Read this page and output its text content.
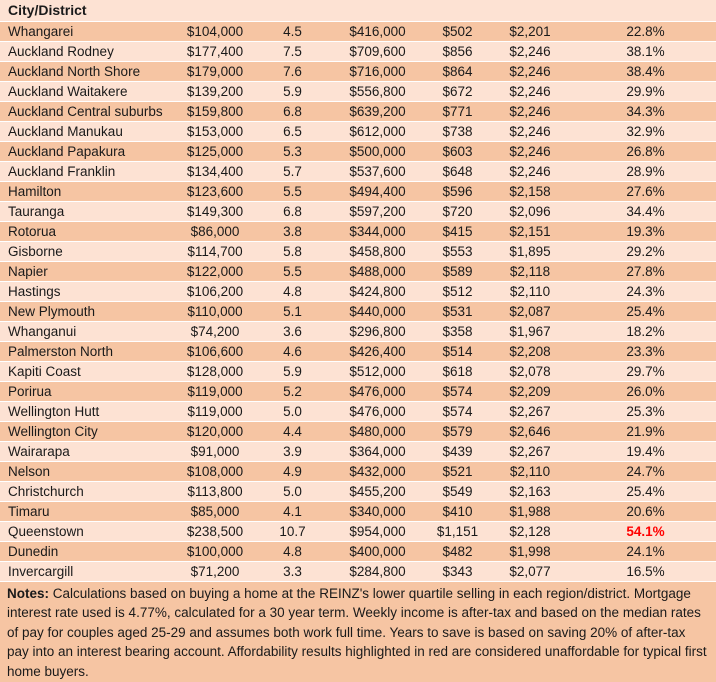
City/District
Whangarei	$104,000	4.5	$416,000	$502	$2,201	22.8%
Auckland Rodney	$177,400	7.5	$709,600	$856	$2,246	38.1%
Auckland North Shore	$179,000	7.6	$716,000	$864	$2,246	38.4%
Auckland Waitakere	$139,200	5.9	$556,800	$672	$2,246	29.9%
Auckland Central suburbs	$159,800	6.8	$639,200	$771	$2,246	34.3%
Auckland Manukau	$153,000	6.5	$612,000	$738	$2,246	32.9%
Auckland Papakura	$125,000	5.3	$500,000	$603	$2,246	26.8%
Auckland Franklin	$134,400	5.7	$537,600	$648	$2,246	28.9%
Hamilton	$123,600	5.5	$494,400	$596	$2,158	27.6%
Tauranga	$149,300	6.8	$597,200	$720	$2,096	34.4%
Rotorua	$86,000	3.8	$344,000	$415	$2,151	19.3%
Gisborne	$114,700	5.8	$458,800	$553	$1,895	29.2%
Napier	$122,000	5.5	$488,000	$589	$2,118	27.8%
Hastings	$106,200	4.8	$424,800	$512	$2,110	24.3%
New Plymouth	$110,000	5.1	$440,000	$531	$2,087	25.4%
Whanganui	$74,200	3.6	$296,800	$358	$1,967	18.2%
Palmerston North	$106,600	4.6	$426,400	$514	$2,208	23.3%
Kapiti Coast	$128,000	5.9	$512,000	$618	$2,078	29.7%
Porirua	$119,000	5.2	$476,000	$574	$2,209	26.0%
Wellington Hutt	$119,000	5.0	$476,000	$574	$2,267	25.3%
Wellington City	$120,000	4.4	$480,000	$579	$2,646	21.9%
Wairarapa	$91,000	3.9	$364,000	$439	$2,267	19.4%
Nelson	$108,000	4.9	$432,000	$521	$2,110	24.7%
Christchurch	$113,800	5.0	$455,200	$549	$2,163	25.4%
Timaru	$85,000	4.1	$340,000	$410	$1,988	20.6%
Queenstown	$238,500	10.7	$954,000	$1,151	$2,128	54.1%
Dunedin	$100,000	4.8	$400,000	$482	$1,998	24.1%
Invercargill	$71,200	3.3	$284,800	$343	$2,077	16.5%
Notes: Calculations based on buying a home at the REINZ's lower quartile selling in each region/district. Mortgage interest rate used is 4.77%, calculated for a 30 year term. Weekly income is after-tax and based on the median rates of pay for couples aged 25-29 and assumes both work full time. Years to save is based on saving 20% of after-tax pay into an interest bearing account. Affordability results highlighted in red are considered unaffordable for typical first home buyers.
